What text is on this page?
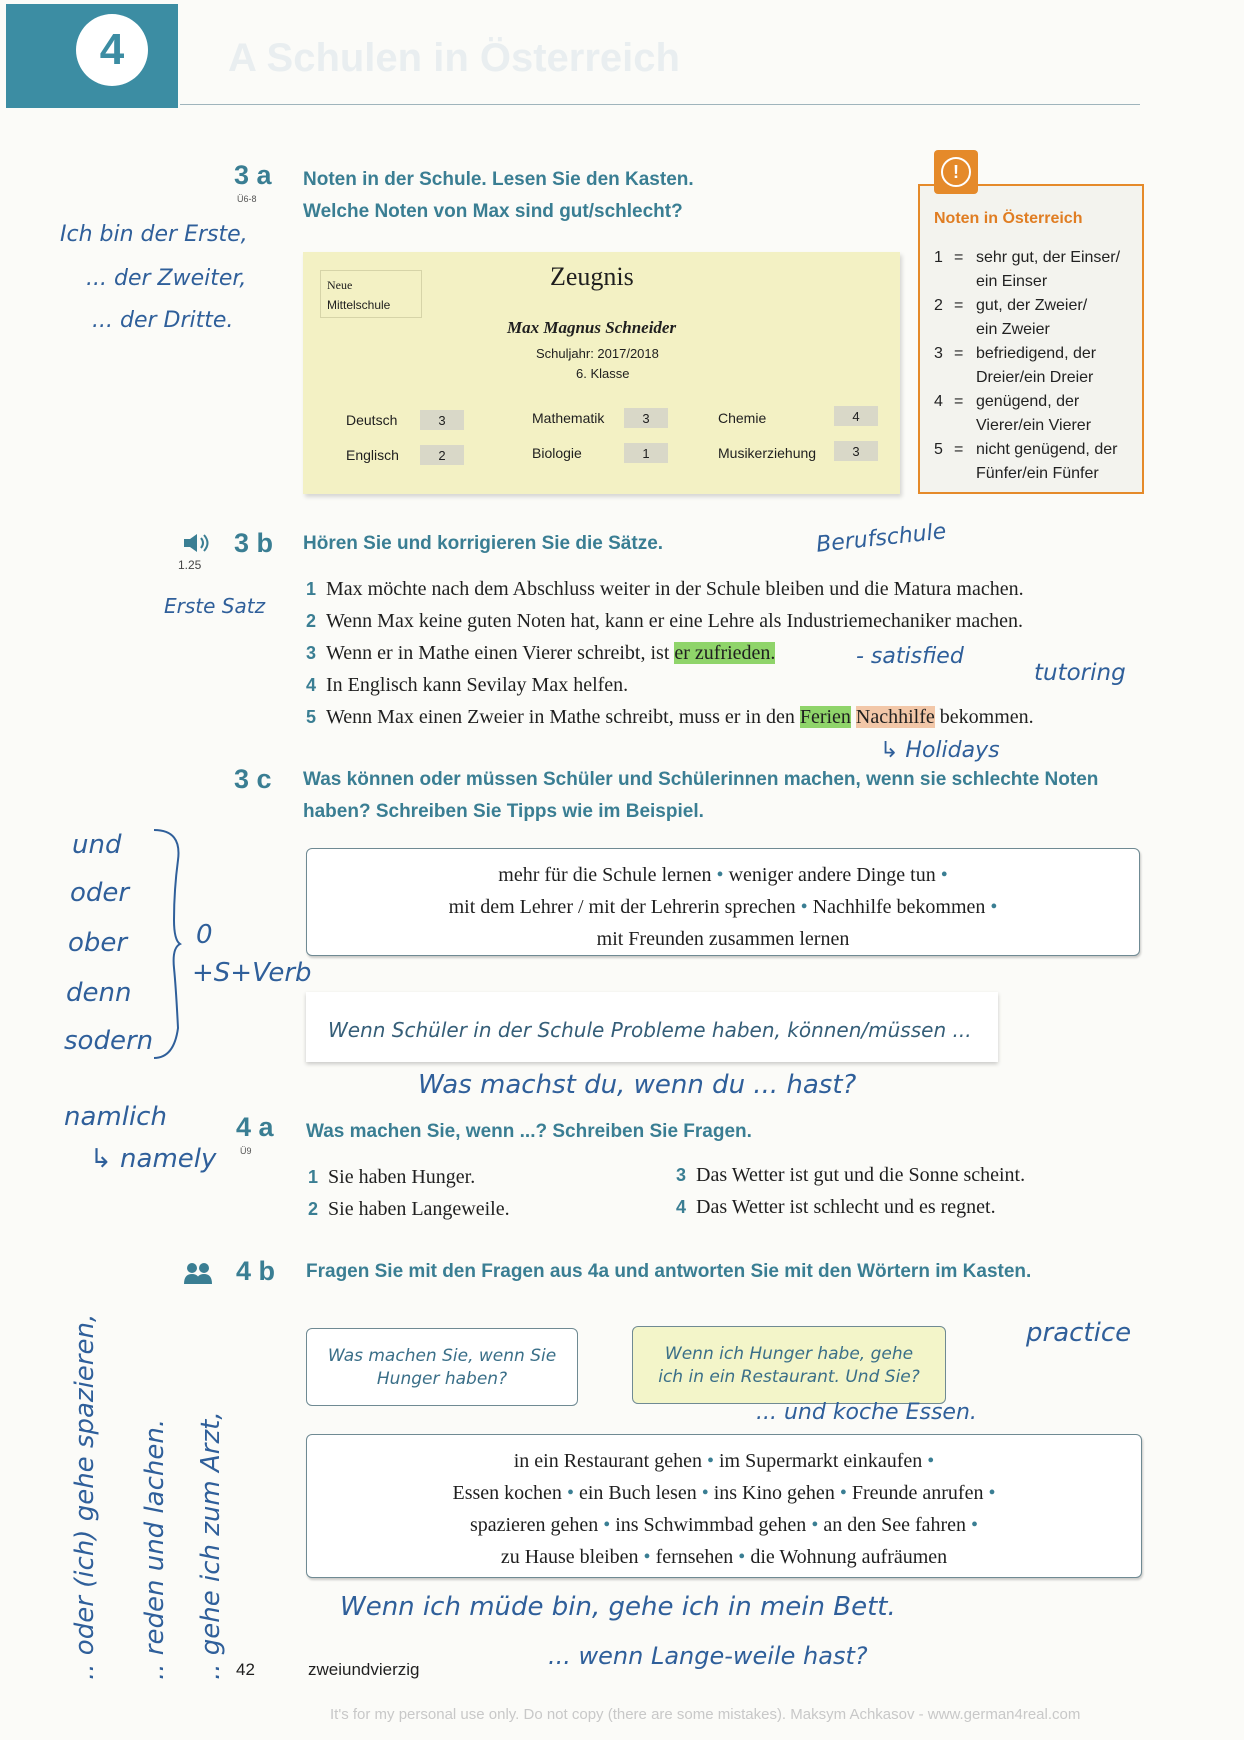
4	A Schulen in Österreich
3 a
Ü6-8
Noten in der Schule. Lesen Sie den Kasten.
Welche Noten von Max sind gut/schlecht?
Neue
Mittelschule
Zeugnis
Max Magnus Schneider
Schuljahr: 2017/2018
6. Klasse
Deutsch	3
Englisch	2
Mathematik	3
Biologie	1
Chemie	4
Musikerziehung	3
!
Noten in Österreich
1 = sehr gut, der Einser/
ein Einser
2 = gut, der Zweier/
ein Zweier
3 = befriedigend, der
Dreier/ein Dreier
4 = genügend, der
Vierer/ein Vierer
5 = nicht genügend, der
Fünfer/ein Fünfer
1.25
3 b Hören Sie und korrigieren Sie die Sätze.
1 Max möchte nach dem Abschluss weiter in der Schule bleiben und die Matura machen.
2 Wenn Max keine guten Noten hat, kann er eine Lehre als Industriemechaniker machen.
3 Wenn er in Mathe einen Vierer schreibt, ist er zufrieden.
4 In Englisch kann Sevilay Max helfen.
5 Wenn Max einen Zweier in Mathe schreibt, muss er in den Ferien Nachhilfe bekommen.
3 c Was können oder müssen Schüler und Schülerinnen machen, wenn sie schlechte Noten
haben? Schreiben Sie Tipps wie im Beispiel.
mehr für die Schule lernen • weniger andere Dinge tun •
mit dem Lehrer / mit der Lehrerin sprechen • Nachhilfe bekommen •
mit Freunden zusammen lernen
Wenn Schüler in der Schule Probleme haben, können/müssen ...
4 a
Ü9
Was machen Sie, wenn ...? Schreiben Sie Fragen.
1 Sie haben Hunger.
2 Sie haben Langeweile.
3 Das Wetter ist gut und die Sonne scheint.
4 Das Wetter ist schlecht und es regnet.
4 b Fragen Sie mit den Fragen aus 4a und antworten Sie mit den Wörtern im Kasten.
Was machen Sie, wenn Sie
Hunger haben?
Wenn ich Hunger habe, gehe
ich in ein Restaurant. Und Sie?
in ein Restaurant gehen • im Supermarkt einkaufen •
Essen kochen • ein Buch lesen • ins Kino gehen • Freunde anrufen •
spazieren gehen • ins Schwimmbad gehen • an den See fahren •
zu Hause bleiben • fernsehen • die Wohnung aufräumen
42	zweiundvierzig
It's for my personal use only. Do not copy (there are some mistakes). Maksym Achkasov - www.german4real.com
Ich bin der Erste,
... der Zweiter,
... der Dritte.
Berufschule
Erste Satz
- satisfied
tutoring
↳ Holidays
und
oder
ober
denn
sodern
0
+S+Verb
Was machst du, wenn du ... hast?
namlich
↳ namely
practice
... und koche Essen.
Wenn ich müde bin, gehe ich in mein Bett.
... wenn Lange-weile hast?
.. oder (ich) gehe spazieren, .. reden und lachen. .. gehe ich zum Arzt,
